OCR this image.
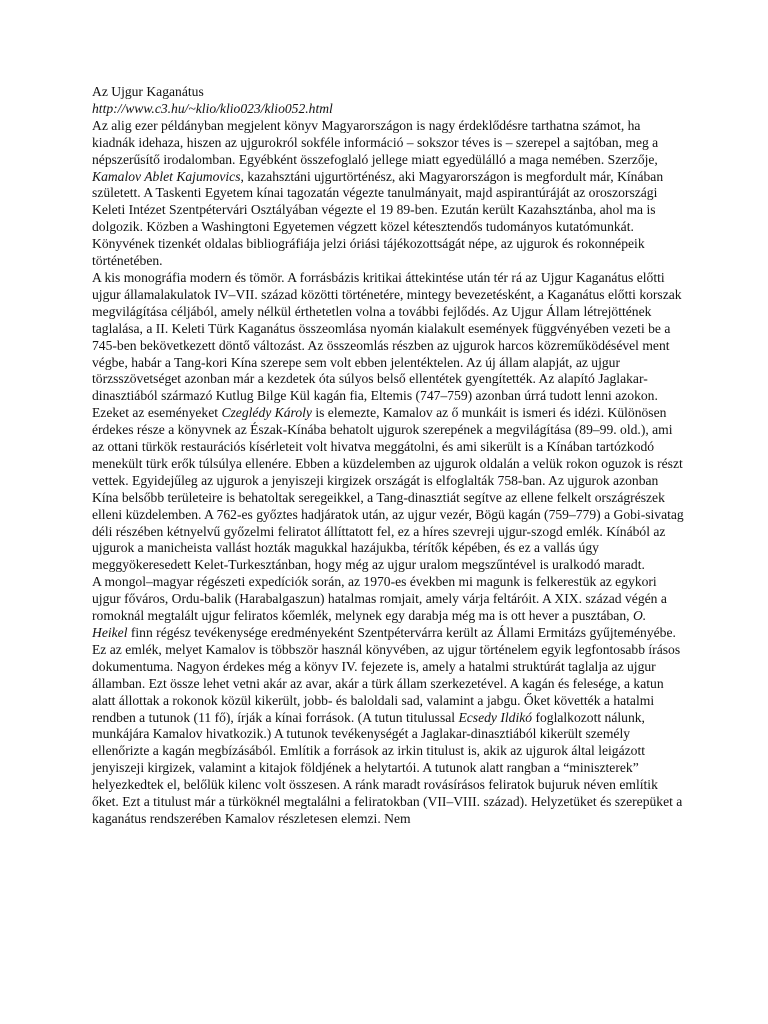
Az Ujgur Kaganátus

http://www.c3.hu/~klio/klio023/klio052.html

Az alig ezer példányban megjelent könyv Magyarországon is nagy érdeklődésre tarthatna számot, ha kiadnák idehaza, hiszen az ujgurokról sokféle információ – sokszor téves is – szerepel a sajtóban, meg a népszerűsítő irodalomban. Egyébként összefoglaló jellege miatt egyedülálló a maga nemében. Szerzője, Kamalov Ablet Kajumovics, kazahsztáni ujgurtörténész, aki Magyarországon is megfordult már, Kínában született. A Taskenti Egyetem kínai tagozatán végezte tanulmányait, majd aspirantúráját az oroszországi Keleti Intézet Szentpétervári Osztályában végezte el 19 89-ben. Ezután került Kazahsztánba, ahol ma is dolgozik. Közben a Washingtoni Egyetemen végzett közel kétesztendős tudományos kutatómunkát. Könyvének tizenkét oldalas bibliográfiája jelzi óriási tájékozottságát népe, az ujgurok és rokonnépeik történetében.

A kis monográfia modern és tömör. A forrásbázis kritikai áttekintése után tér rá az Ujgur Kaganátus előtti ujgur államalakulatok IV–VII. század közötti történetére, mintegy bevezetésként, a Kaganátus előtti korszak megvilágítása céljából, amely nélkül érthetetlen volna a további fejlődés. Az Ujgur Állam létrejöttének taglalása, a II. Keleti Türk Kaganátus összeomlása nyomán kialakult események függvényében vezeti be a 745-ben bekövetkezett döntő változást. Az összeomlás részben az ujgurok harcos közreműködésével ment végbe, habár a Tang-kori Kína szerepe sem volt ebben jelentéktelen. Az új állam alapját, az ujgur törzsszövetséget azonban már a kezdetek óta súlyos belső ellentétek gyengítették. Az alapító Jaglakar-dinasztiából származó Kutlug Bilge Kül kagán fia, Eltemis (747–759) azonban úrrá tudott lenni azokon. Ezeket az eseményeket Czeglédy Károly is elemezte, Kamalov az ő munkáit is ismeri és idézi. Különösen érdekes része a könyvnek az Észak-Kínába behatolt ujgurok szerepének a megvilágítása (89–99. old.), ami az ottani türkök restaurációs kísérleteit volt hivatva meggátolni, és ami sikerült is a Kínában tartózkodó menekült türk erők túlsúlya ellenére. Ebben a küzdelemben az ujgurok oldalán a velük rokon oguzok is részt vettek. Egyidejűleg az ujgurok a jenyiszeji kirgizek országát is elfoglalták 758-ban. Az ujgurok azonban Kína belsőbb területeire is behatoltak seregeikkel, a Tang-dinasztiát segítve az ellene felkelt országrészek elleni küzdelemben. A 762-es győztes hadjáratok után, az ujgur vezér, Bögü kagán (759–779) a Gobi-sivatag déli részében kétnyelvű győzelmi feliratot állíttatott fel, ez a híres szevreji ujgur-szogd emlék. Kínából az ujgurok a manicheista vallást hozták magukkal hazájukba, térítők képében, és ez a vallás úgy meggyökeresedett Kelet-Turkesztánban, hogy még az ujgur uralom megszűntével is uralkodó maradt.

A mongol–magyar régészeti expedíciók során, az 1970-es években mi magunk is felkerestük az egykori ujgur főváros, Ordu-balik (Harabalgaszun) hatalmas romjait, amely várja feltáróit. A XIX. század végén a romoknál megtalált ujgur feliratos kőemlék, melynek egy darabja még ma is ott hever a pusztában, O. Heikel finn régész tevékenysége eredményeként Szentpétervárra került az Állami Ermitázs gyűjteményébe. Ez az emlék, melyet Kamalov is többször használ könyvében, az ujgur történelem egyik legfontosabb írásos dokumentuma. Nagyon érdekes még a könyv IV. fejezete is, amely a hatalmi struktúrát taglalja az ujgur államban. Ezt össze lehet vetni akár az avar, akár a türk állam szerkezetével. A kagán és felesége, a katun alatt állottak a rokonok közül kikerült, jobb- és baloldali sad, valamint a jabgu. Őket követték a hatalmi rendben a tutunok (11 fő), írják a kínai források. (A tutun titulussal Ecsedy Ildikó foglalkozott nálunk, munkájára Kamalov hivatkozik.) A tutunok tevékenységét a Jaglakar-dinasztiából kikerült személy ellenőrizte a kagán megbízásából. Említik a források az irkin titulust is, akik az ujgurok által leigázott jenyiszeji kirgizek, valamint a kitajok földjének a helytartói. A tutunok alatt rangban a “miniszterek” helyezkedtek el, belőlük kilenc volt összesen. A ránk maradt rovásírásos feliratok bujuruk néven említik őket. Ezt a titulust már a türköknél megtalálni a feliratokban (VII–VIII. század). Helyzetüket és szerepüket a kaganátus rendszerében Kamalov részletesen elemzi. Nem
